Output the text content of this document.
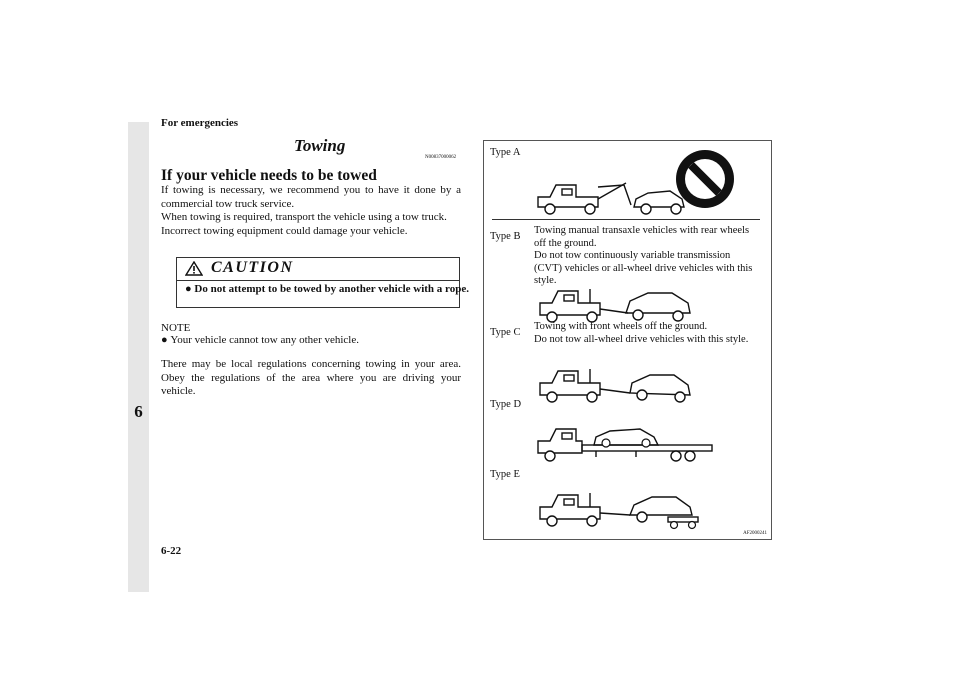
6
For emergencies
Towing
N00837000062
If your vehicle needs to be towed

If towing is necessary, we recommend you to have it done by a commercial tow truck service.

When towing is required, transport the vehicle using a tow truck.

Incorrect towing equipment could damage your vehicle.

CAUTION
● Do not attempt to be towed by another vehicle with a rope.
NOTE
● Your vehicle cannot tow any other vehicle.
There may be local regulations concerning towing in your area. Obey the regulations of the area where you are driving your vehicle.
6-22
Type A
Type B
Towing manual transaxle vehicles with rear wheels
off the ground.
Do not tow continuously variable transmission
(CVT) vehicles or all-wheel drive vehicles with this
style.
Type C
Towing with front wheels off the ground.
Do not tow all-wheel drive vehicles with this style.
Type D
Type E
AF2000241
